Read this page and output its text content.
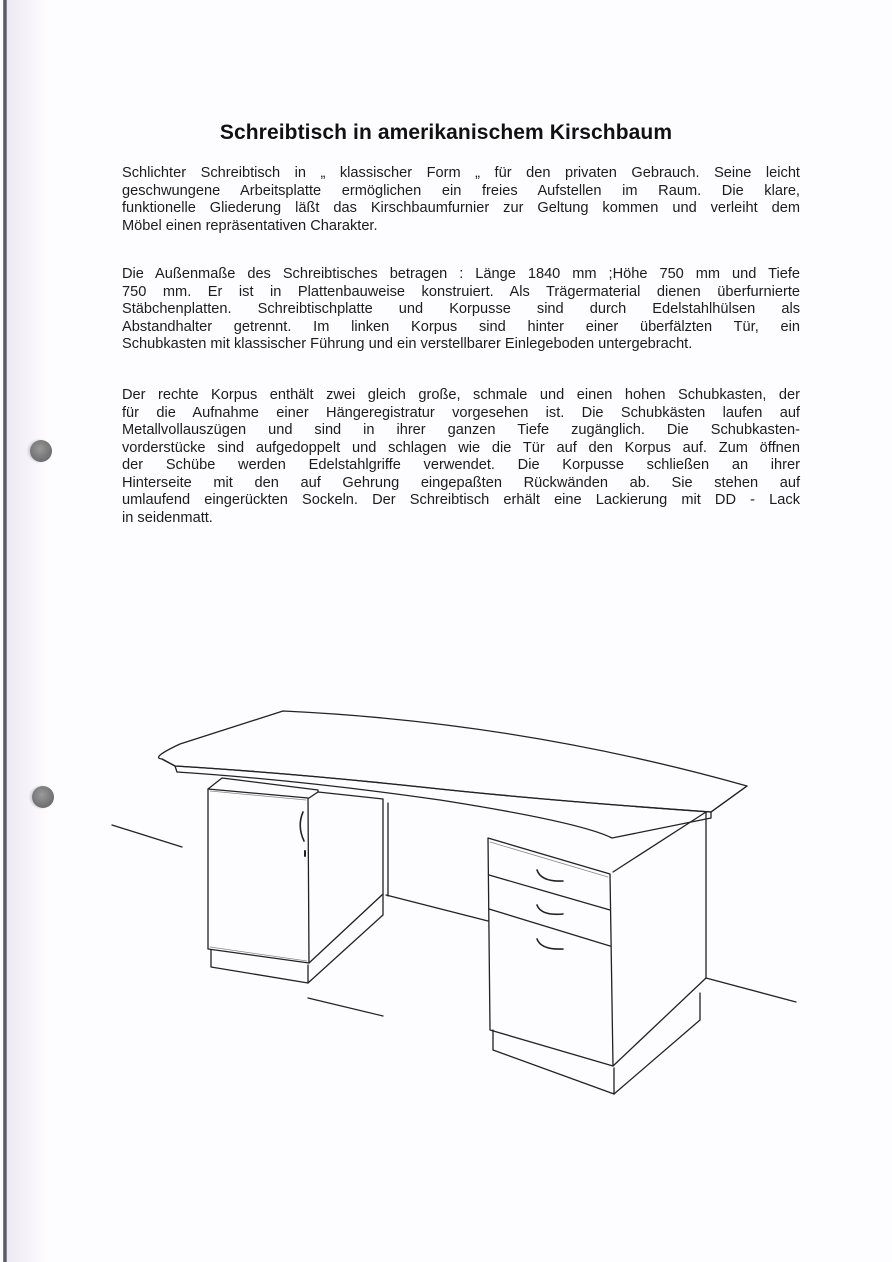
Schreibtisch in amerikanischem Kirschbaum
Schlichter Schreibtisch in „ klassischer Form „ für den privaten Gebrauch. Seine leicht
geschwungene Arbeitsplatte ermöglichen ein freies Aufstellen im Raum. Die klare,
funktionelle Gliederung läßt das Kirschbaumfurnier zur Geltung kommen und verleiht dem
Möbel einen repräsentativen Charakter.
Die Außenmaße des Schreibtisches betragen : Länge 1840 mm ;Höhe 750 mm und Tiefe
750 mm. Er ist in Plattenbauweise konstruiert. Als Trägermaterial dienen überfurnierte
Stäbchenplatten. Schreibtischplatte und Korpusse sind durch Edelstahlhülsen als
Abstandhalter getrennt. Im linken Korpus sind hinter einer überfälzten Tür, ein
Schubkasten mit klassischer Führung und ein verstellbarer Einlegeboden untergebracht.
Der rechte Korpus enthält zwei gleich große, schmale und einen hohen Schubkasten, der
für die Aufnahme einer Hängeregistratur vorgesehen ist. Die Schubkästen laufen auf
Metallvollauszügen und sind in ihrer ganzen Tiefe zugänglich. Die Schubkasten-
vorderstücke sind aufgedoppelt und schlagen wie die Tür auf den Korpus auf. Zum öffnen
der Schübe werden Edelstahlgriffe verwendet. Die Korpusse schließen an ihrer
Hinterseite mit den auf Gehrung eingepaßten Rückwänden ab. Sie stehen auf
umlaufend eingerückten Sockeln. Der Schreibtisch erhält eine Lackierung mit DD - Lack
in seidenmatt.
